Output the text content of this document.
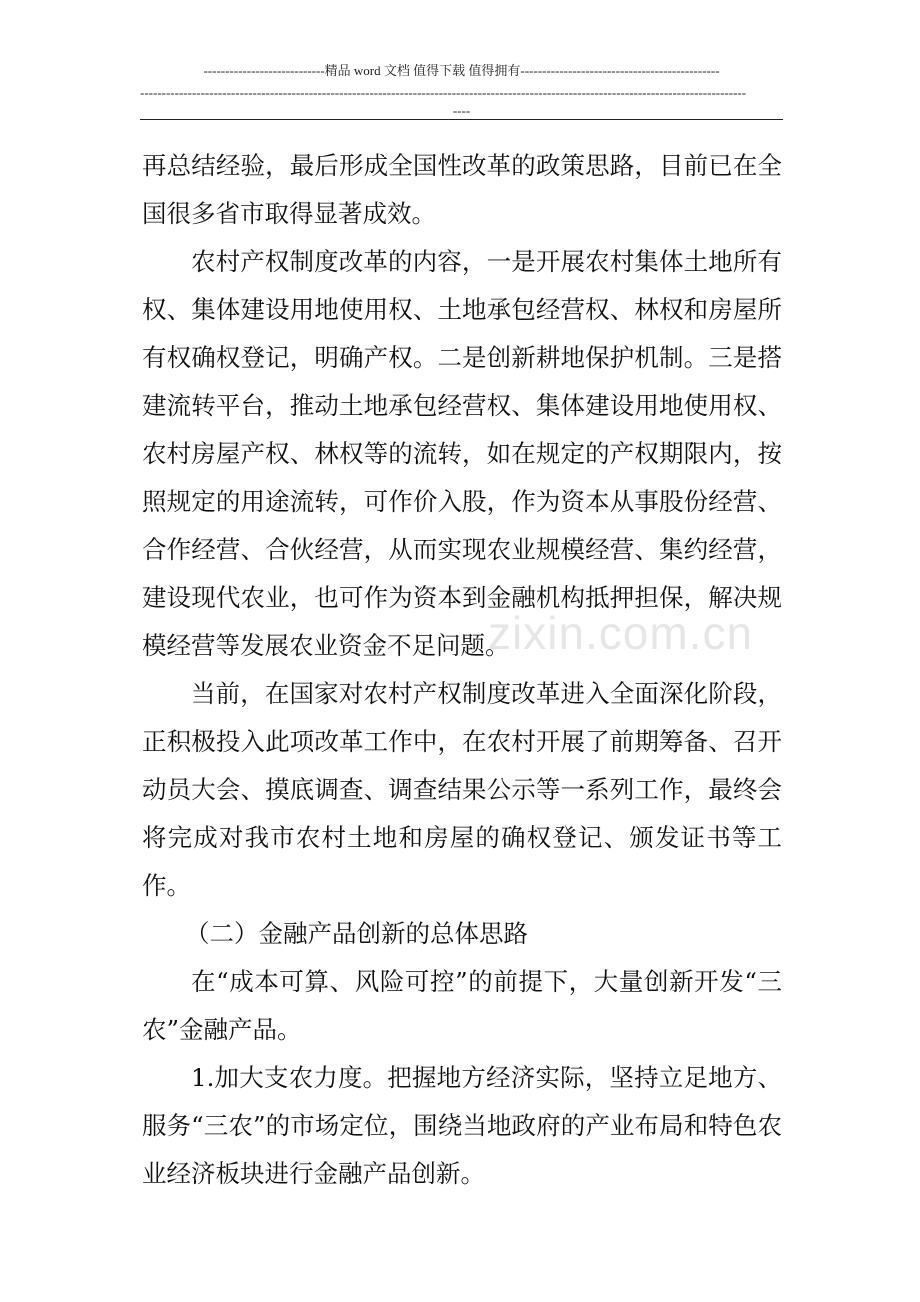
----------------------------精品 word 文档 值得下载 值得拥有----------------------------------------------
--------------------------------------------------------------------------------------------------------------------------------------------
----

再总结经验，最后形成全国性改革的政策思路，目前已在全国很多省市取得显著成效。

农村产权制度改革的内容，一是开展农村集体土地所有权、集体建设用地使用权、土地承包经营权、林权和房屋所有权确权登记，明确产权。二是创新耕地保护机制。三是搭建流转平台，推动土地承包经营权、集体建设用地使用权、农村房屋产权、林权等的流转，如在规定的产权期限内，按照规定的用途流转，可作价入股，作为资本从事股份经营、合作经营、合伙经营，从而实现农业规模经营、集约经营，建设现代农业，也可作为资本到金融机构抵押担保，解决规模经营等发展农业资金不足问题。

当前，在国家对农村产权制度改革进入全面深化阶段，正积极投入此项改革工作中，在农村开展了前期筹备、召开动员大会、摸底调查、调查结果公示等一系列工作，最终会将完成对我市农村土地和房屋的确权登记、颁发证书等工作。

（二）金融产品创新的总体思路

在“成本可算、风险可控”的前提下，大量创新开发“三农”金融产品。

1.加大支农力度。把握地方经济实际，坚持立足地方、服务“三农”的市场定位，围绕当地政府的产业布局和特色农业经济板块进行金融产品创新。

zixin.com.cn
